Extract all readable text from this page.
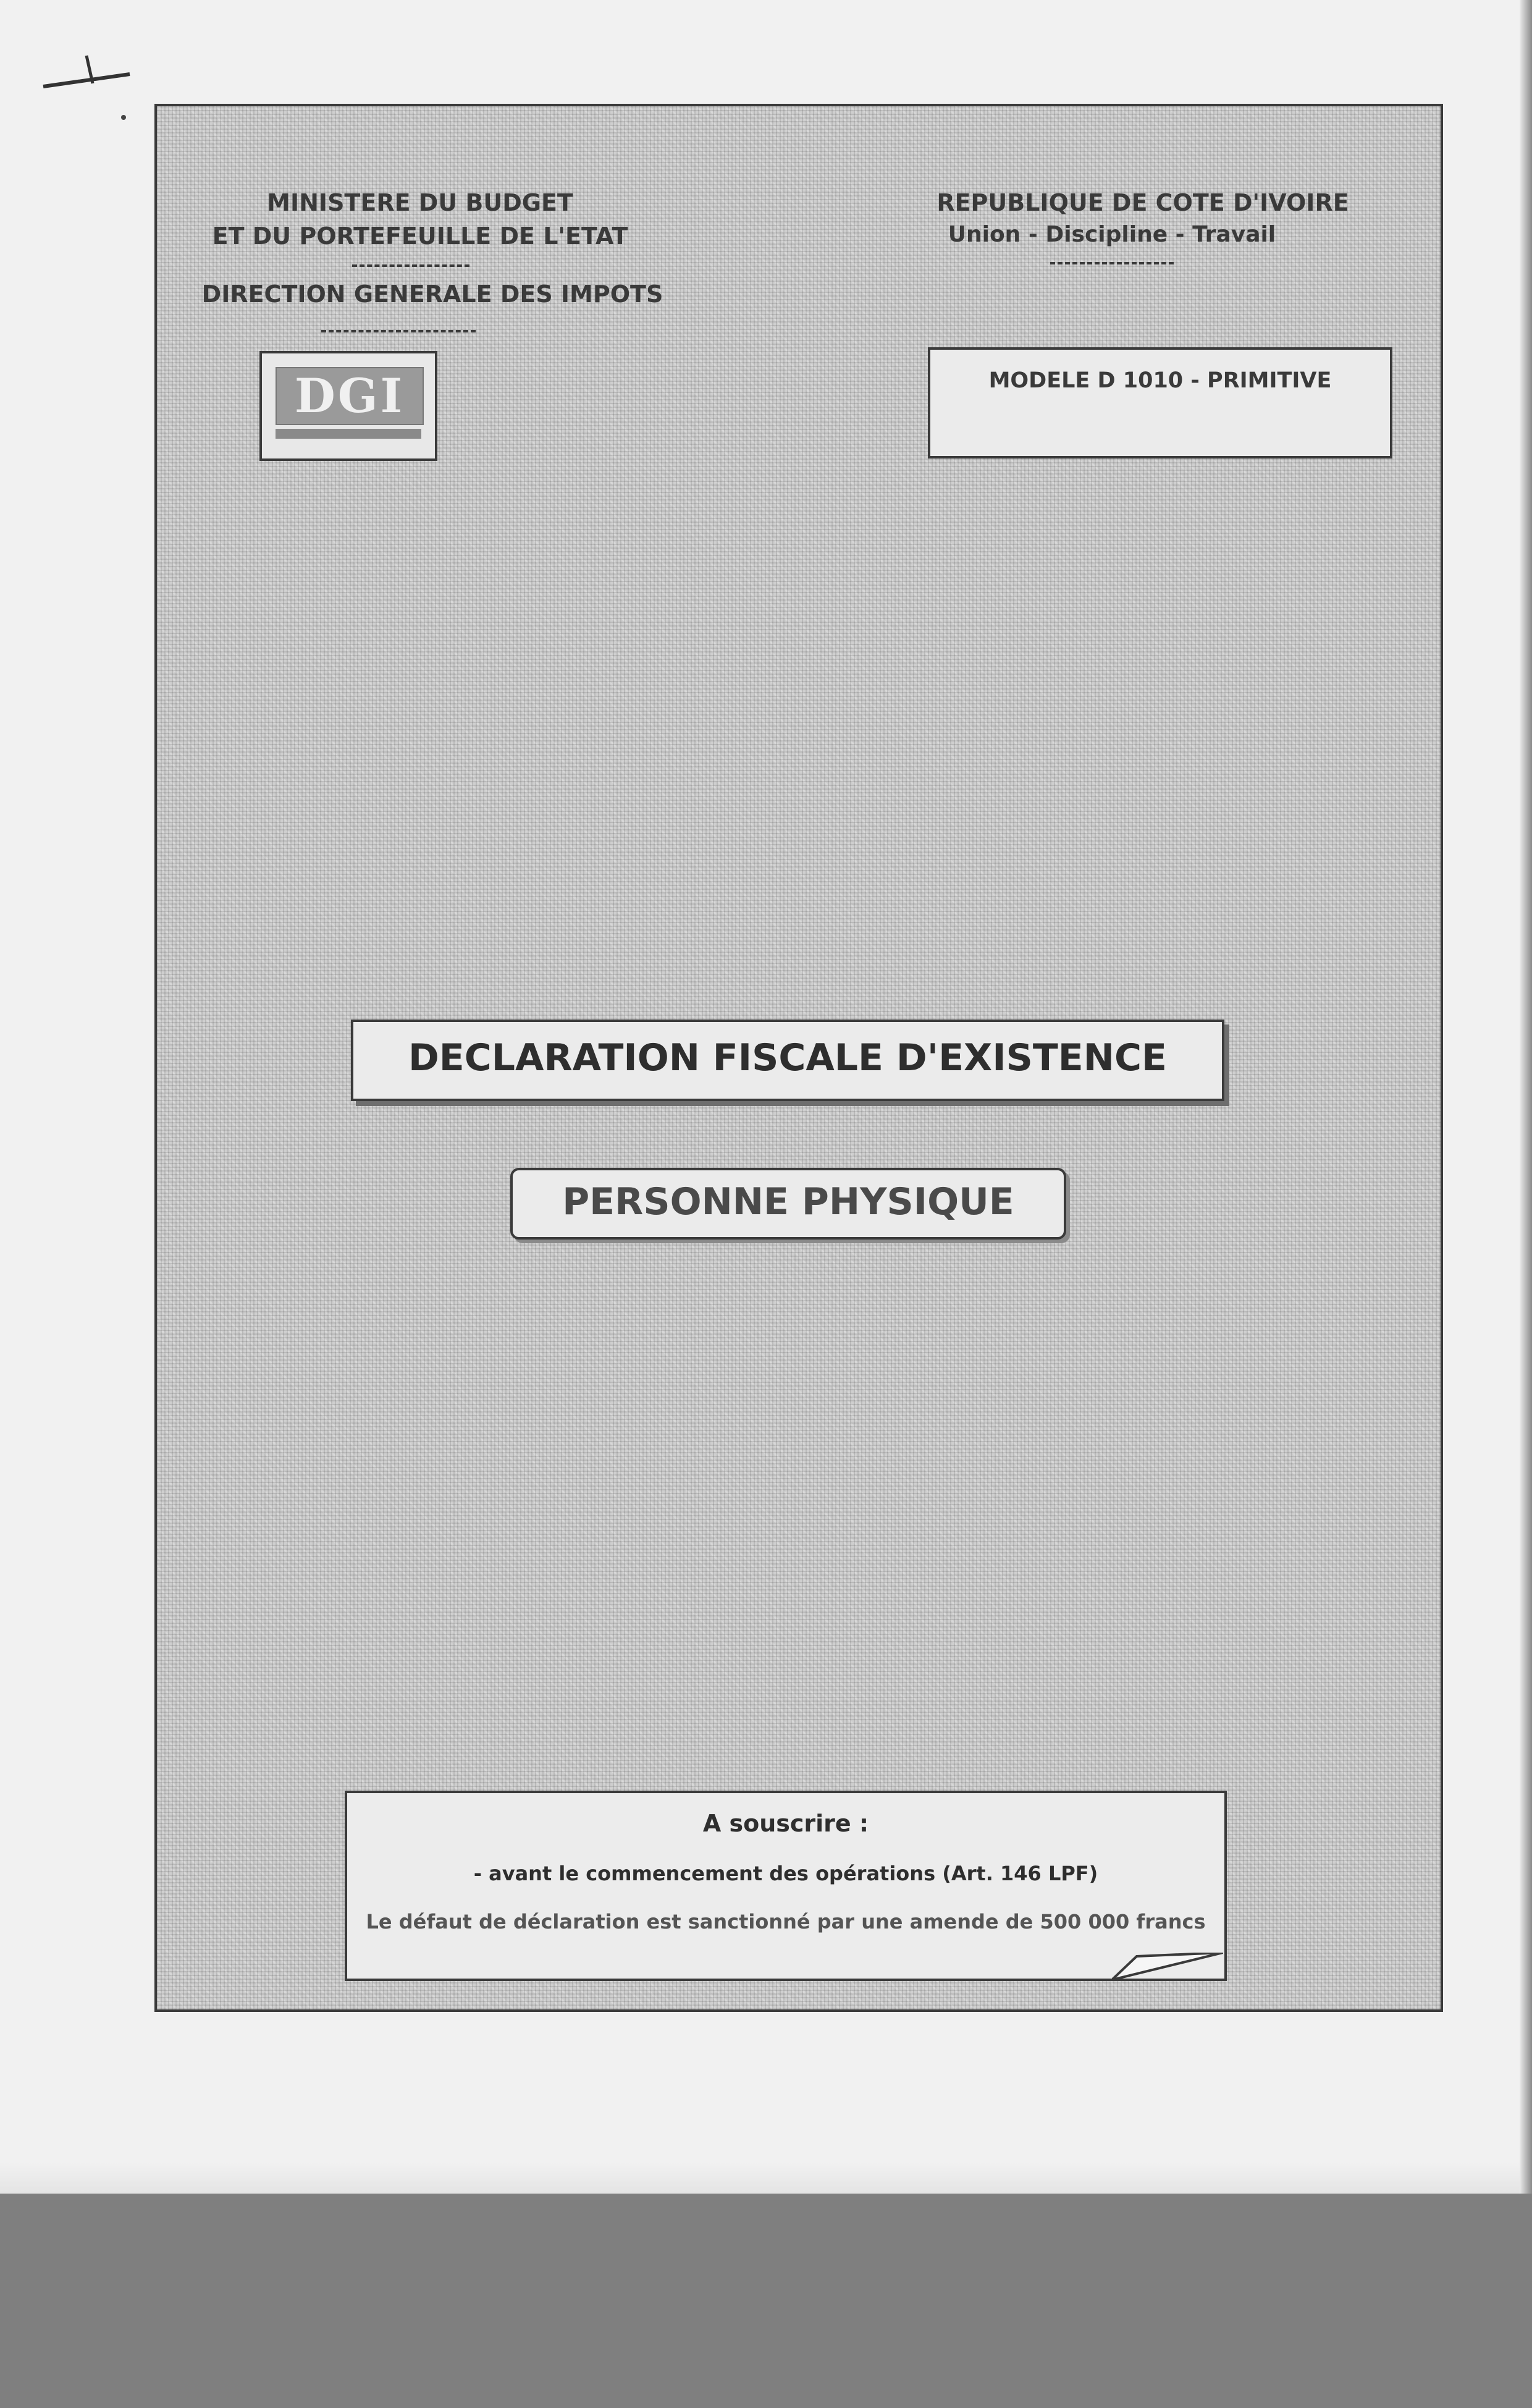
MINISTERE DU BUDGET
ET DU PORTEFEUILLE DE L'ETAT
DIRECTION GENERALE DES IMPOTS
REPUBLIQUE DE COTE D'IVOIRE
Union - Discipline - Travail
DGI	MODELE D 1010 - PRIMITIVE
DECLARATION FISCALE D'EXISTENCE
PERSONNE PHYSIQUE
A souscrire :
- avant le commencement des opérations (Art. 146 LPF)
Le défaut de déclaration est sanctionné par une amende de 500 000 francs
